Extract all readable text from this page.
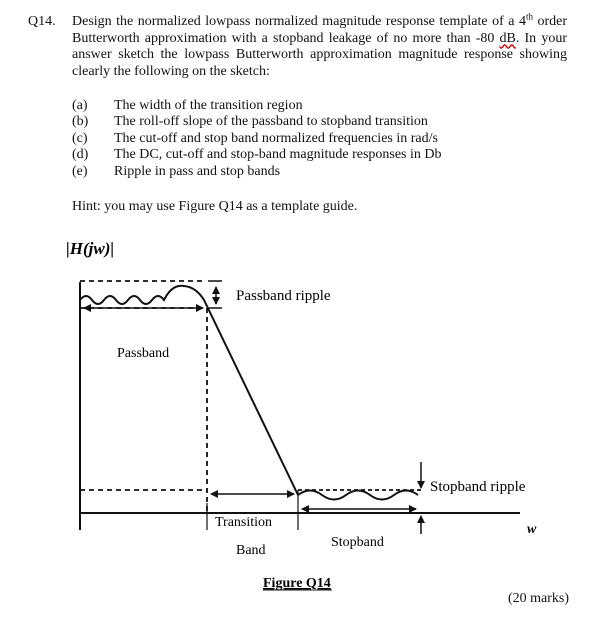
Q14. Design the normalized lowpass normalized magnitude response template of a 4th order Butterworth approximation with a stopband leakage of no more than -80 dB. In your answer sketch the lowpass Butterworth approximation magnitude response showing clearly the following on the sketch:
(a)	The width of the transition region
(b)	The roll-off slope of the passband to stopband transition
(c)	The cut-off and stop band normalized frequencies in rad/s
(d)	The DC, cut-off and stop-band magnitude responses in Db
(e)	Ripple in pass and stop bands
Hint: you may use Figure Q14 as a template guide.
|H(jw)|
w
Passband
Passband ripple
Stopband ripple
Transition
Band
Stopband
Figure Q14
(20 marks)
